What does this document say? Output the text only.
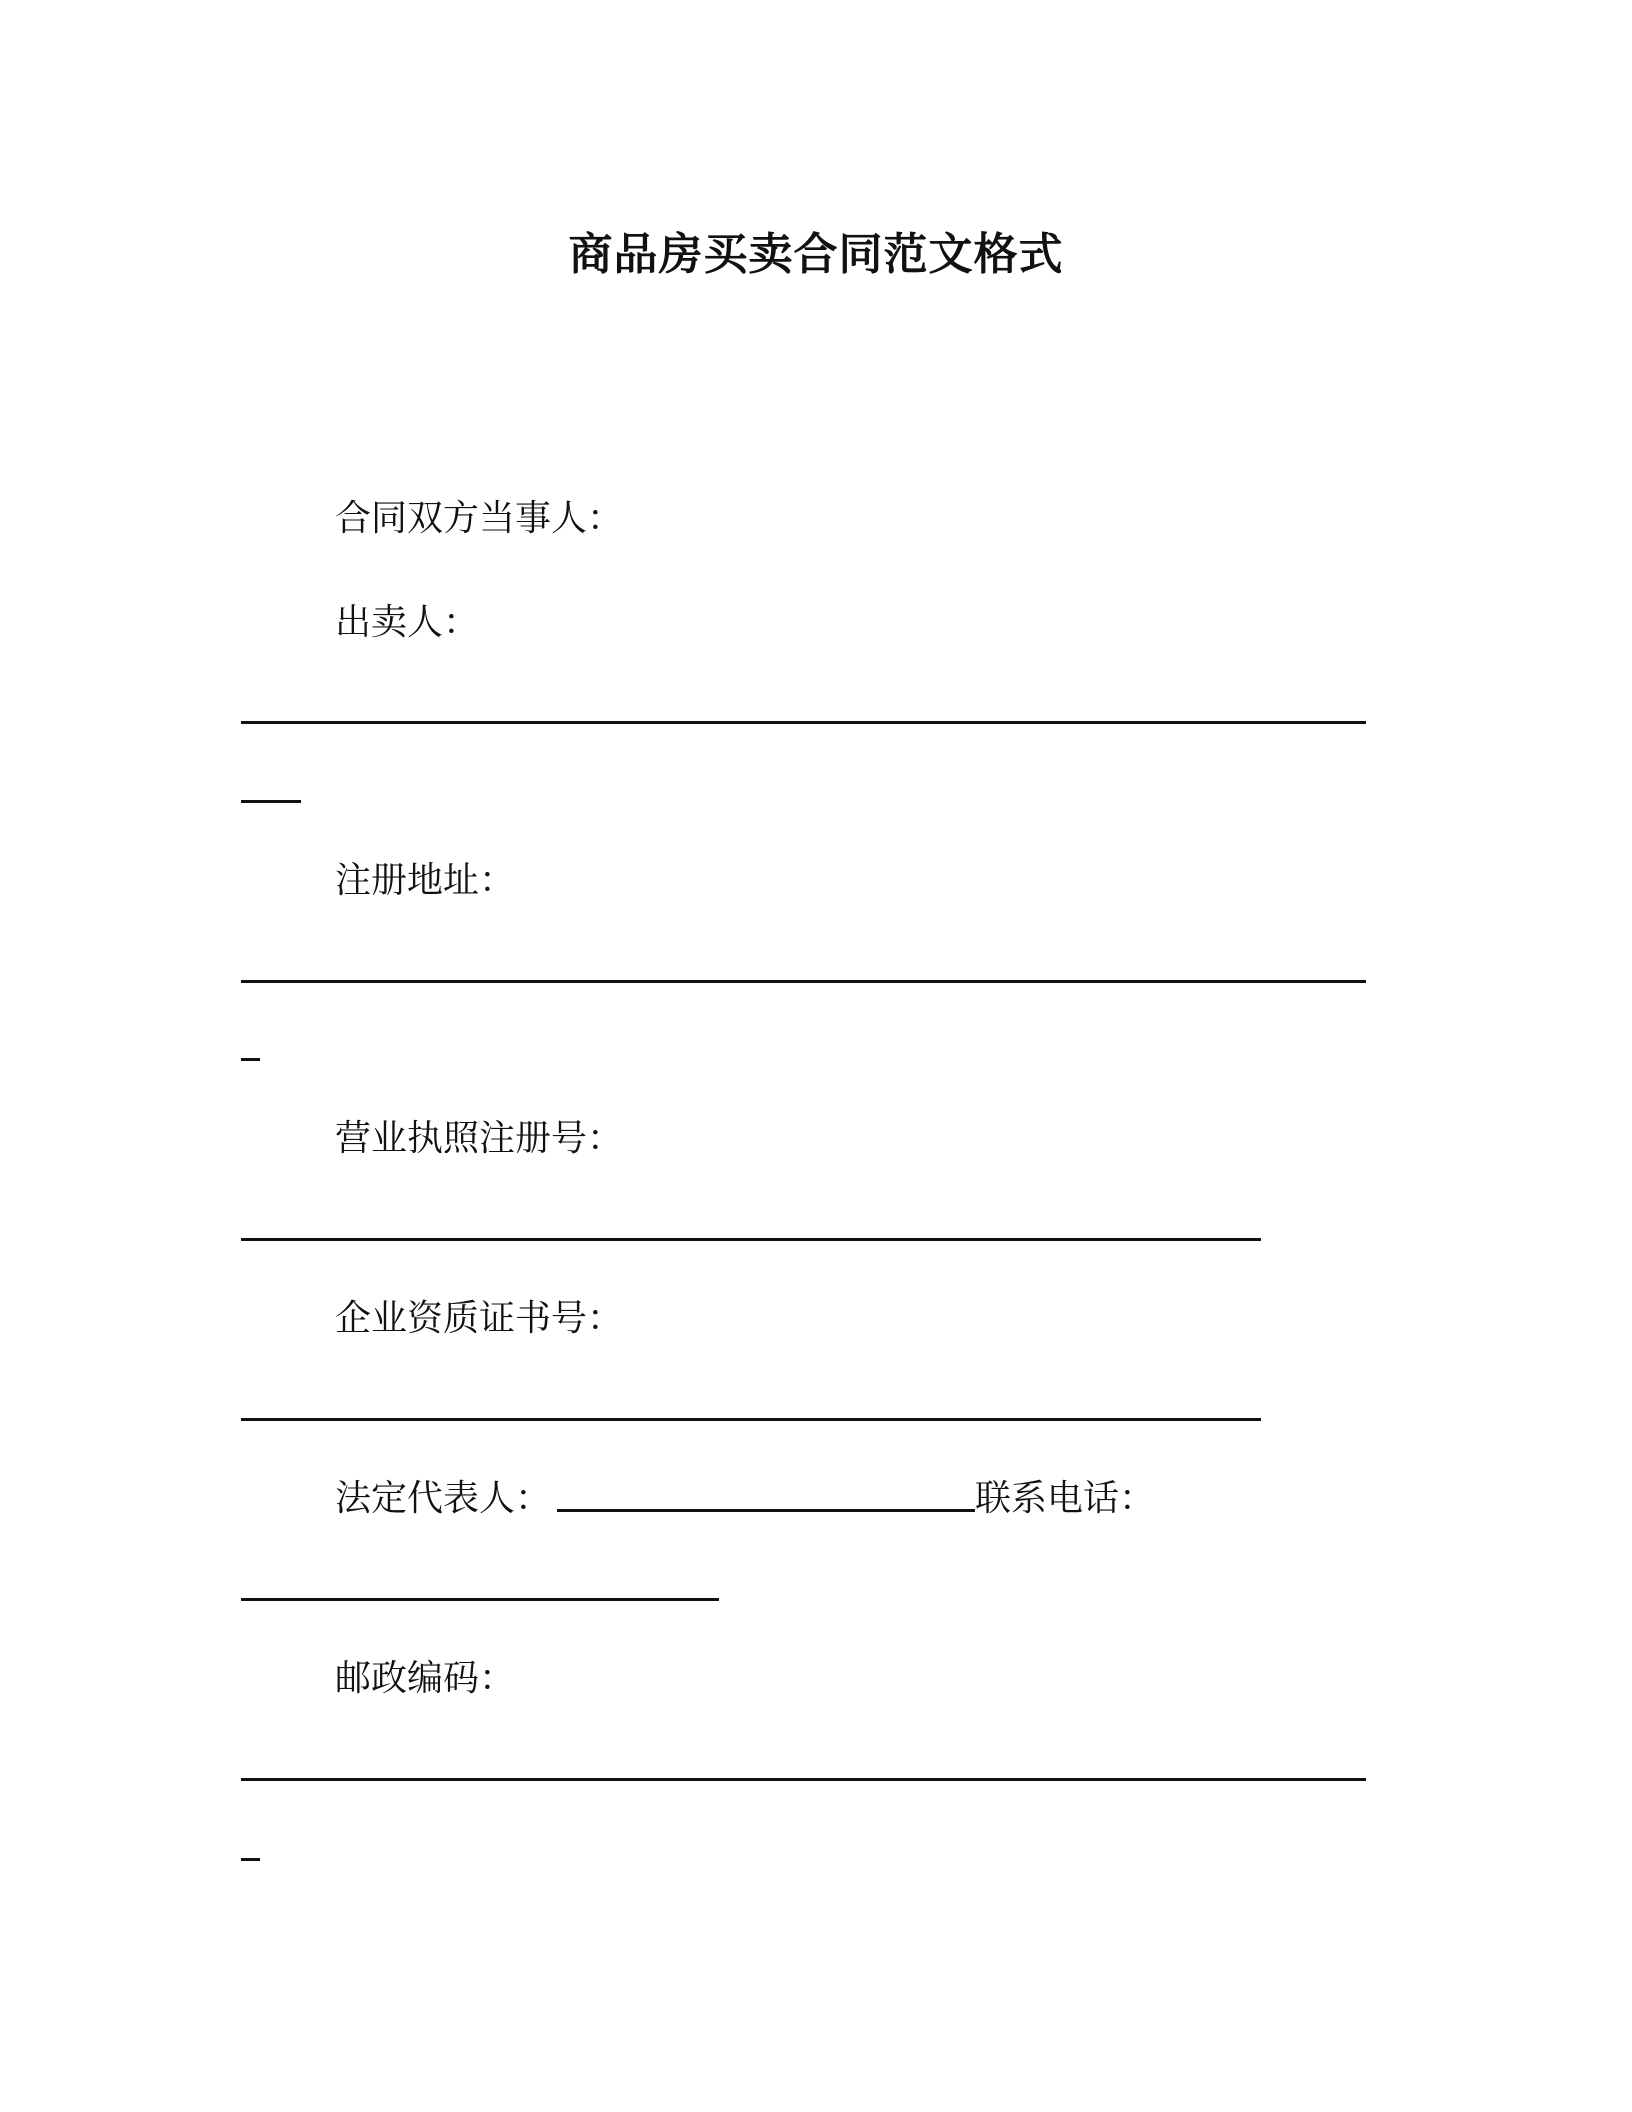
商品房买卖合同范文格式
合同双方当事人：
出卖人：
注册地址：
营业执照注册号：
企业资质证书号：
法定代表人：	联系电话：
邮政编码：
